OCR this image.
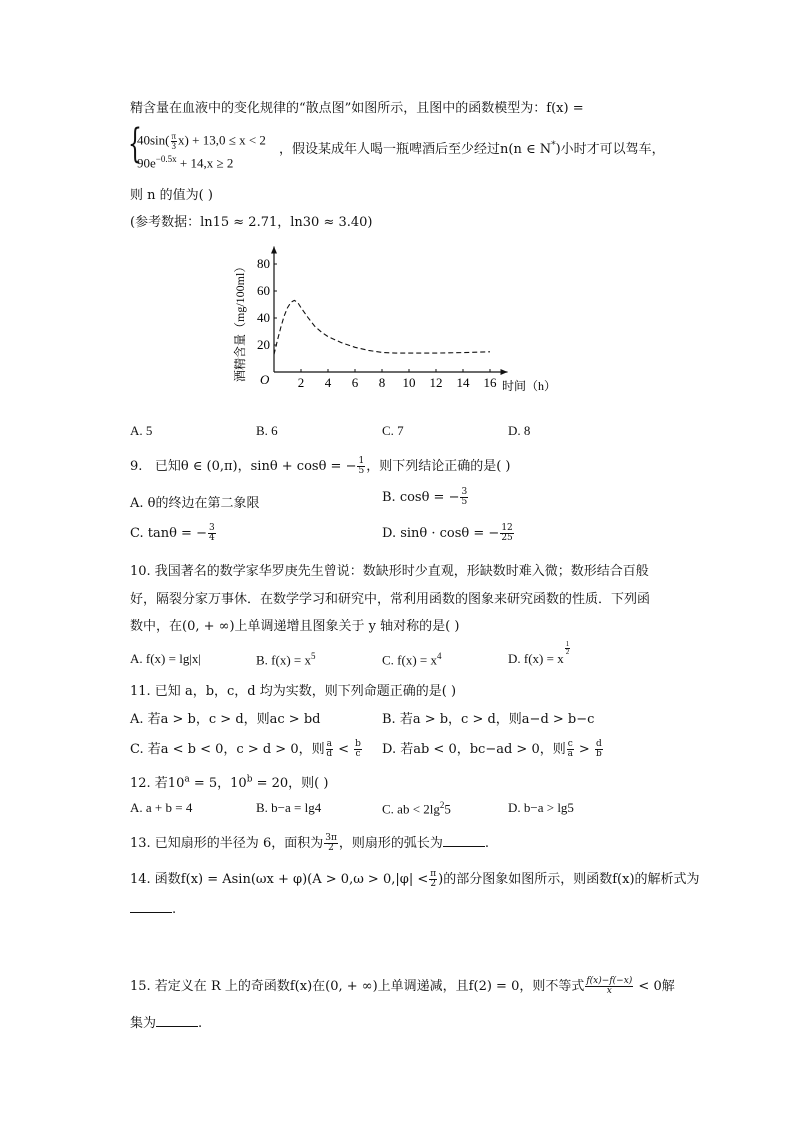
精含量在血液中的变化规律的“散点图”如图所示，且图中的函数模型为：f(x) =
{
$40\sin( \frac{\pi}{3} x) + 13,0 \le x < 2$
$90e^{-0.5x} + 14,x \ge 2$
，假设某成年人喝一瓶啤酒后至少经过n(n ∈ N*)小时才可以驾车，
则 n 的值为( )
(参考数据：ln15 ≈ 2.71，ln30 ≈ 3.40)
2 4 6 8 10 12 14 16
20
40
60
80
酒精含量（mg/100ml）
时间（h）
O
A. 5	B. 6	C. 7	D. 8
9. 已知θ ∈ (0,π)，sinθ + cosθ = − $\frac{1}{5}$ ，则下列结论正确的是( )
A. θ的终边在第二象限	B. cosθ = − $\frac{3}{5}$
C. tanθ = − $\frac{3}{4}$	D. sinθ · cosθ = − $\frac{12}{25}$
10. 我国著名的数学家华罗庚先生曾说：数缺形时少直观，形缺数时难入微；数形结合百般
好，隔裂分家万事休．在数学学习和研究中，常利用函数的图象来研究函数的性质．下列函
数中，在(0, + ∞)上单调递增且图象关于 y 轴对称的是( )
A. f(x) = lg|x|	B. $f(x) = x^5$	C. $f(x) = x^4$	D. f(x) = x
$\frac{1}{2}$
11. 已知 a，b，c，d 均为实数，则下列命题正确的是( )
A. 若a > b，c > d，则ac > bd	B. 若a > b，c > d，则a−d > b−c
C. 若a < b < 0，c > d > 0，则 $\frac{a}{d} < \frac{b}{c} D$. 若ab < 0，bc−ad > 0，则 $\frac{c}{a} > \frac{d}{b}$
12. 若$10^a = 5$，$10^b = 20$，则( )
A. a + b = 4	B. b−a = lg4	C. ab < $2\lg^25$	D. b−a > lg5
13. 已知扇形的半径为 6，面积为 $\frac{3\pi}{2}$ ，则扇形的弧长为	.
14. 函数$f(x) = Asin(\omega x + \varphi)(A > 0,\omega > 0,|\varphi| < \frac{\pi}{2}$ )的部分图象如图所示，则函数f(x)的解析式为
.
15. 若定义在 R 上的奇函数f(x)在(0, + ∞)上单调递减，且f(2) = 0，则不等式 $\frac{f(x)-f(-x)}{x} < 0$解
集为	.
